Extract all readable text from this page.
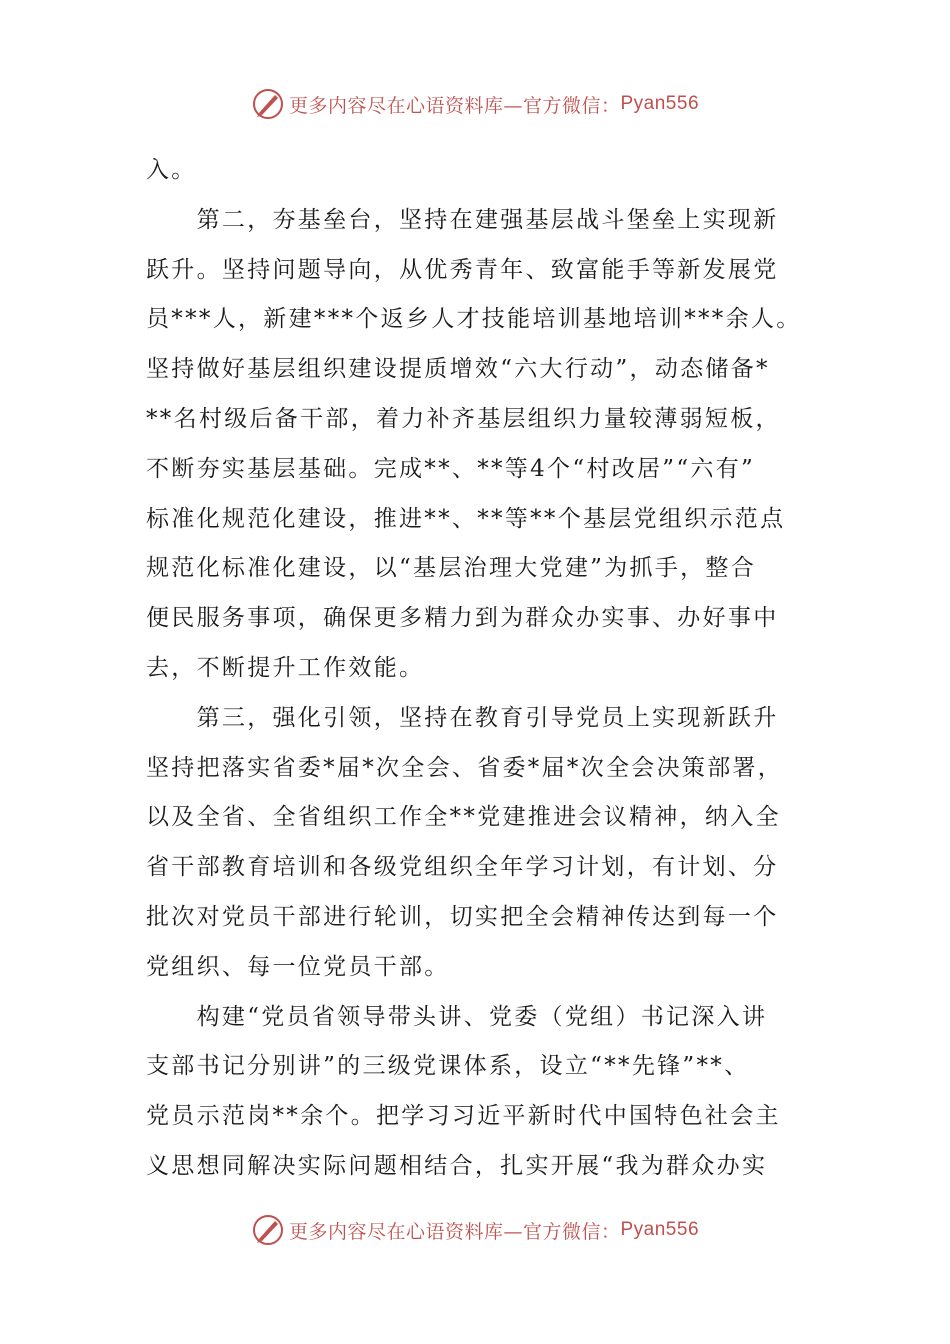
更多内容尽在心语资料库—官方微信： Pyan556
入。
　　第二，夯基垒台，坚持在建强基层战斗堡垒上实现新
跃升。坚持问题导向，从优秀青年、致富能手等新发展党
员***人，新建***个返乡人才技能培训基地培训***余人。
坚持做好基层组织建设提质增效“六大行动”，动态储备*
**名村级后备干部，着力补齐基层组织力量较薄弱短板，
不断夯实基层基础。完成**、**等4个“村改居”“六有”
标准化规范化建设，推进**、**等**个基层党组织示范点
规范化标准化建设，以“基层治理大党建”为抓手，整合
便民服务事项，确保更多精力到为群众办实事、办好事中
去，不断提升工作效能。
　　第三，强化引领，坚持在教育引导党员上实现新跃升
坚持把落实省委*届*次全会、省委*届*次全会决策部署，
以及全省、全省组织工作全**党建推进会议精神，纳入全
省干部教育培训和各级党组织全年学习计划，有计划、分
批次对党员干部进行轮训，切实把全会精神传达到每一个
党组织、每一位党员干部。
　　构建“党员省领导带头讲、党委（党组）书记深入讲
支部书记分别讲”的三级党课体系，设立“**先锋”**、
党员示范岗**余个。把学习习近平新时代中国特色社会主
义思想同解决实际问题相结合，扎实开展“我为群众办实
更多内容尽在心语资料库—官方微信： Pyan556
